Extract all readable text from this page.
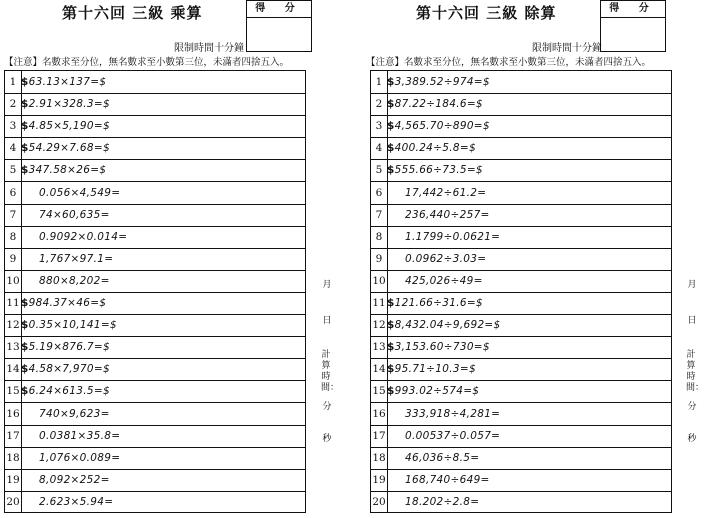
第十六回 三級 乘算	得 分
限制時間十分鐘
【注意】名數求至分位，無名數求至小數第三位，未滿者四捨五入。
1 $63.13×137=$
2 $2.91×328.3=$
3 $4.85×5,190=$
4 $54.29×7.68=$
5 $347.58×26=$
6	0.056×4,549=
7	74×60,635=
8	0.9092×0.014=
9	1,767×97.1=
10 880×8,202=
11 $984.37×46=$
12 $0.35×10,141=$
13 $5.19×876.7=$
14 $4.58×7,970=$
15 $6.24×613.5=$
16 740×9,623=
17 0.0381×35.8=
18 1,076×0.089=
19 8,092×252=
20 2.623×5.94=
第十六回 三級 除算	得 分
限制時間十分鐘
【注意】名數求至分位，無名數求至小數第三位，未滿者四捨五入。
1 $3,389.52÷974=$
2 $87.22÷184.6=$
3 $4,565.70÷890=$
4 $400.24÷5.8=$
5 $555.66÷73.5=$
6	17,442÷61.2=
7	236,440÷257=
8	1.1799÷0.0621=
9	0.0962÷3.03=
10 425,026÷49=
11 $121.66÷31.6=$
12 $8,432.04÷9,692=$
13 $3,153.60÷730=$
14 $95.71÷10.3=$
15 $993.02÷574=$
16 333,918÷4,281=
17 0.00537÷0.057=
18 46,036÷8.5=
19 168,740÷649=
20 18.202÷2.8=
月
日
計算時間：
分
秒
月
日
計算時間：
分
秒
